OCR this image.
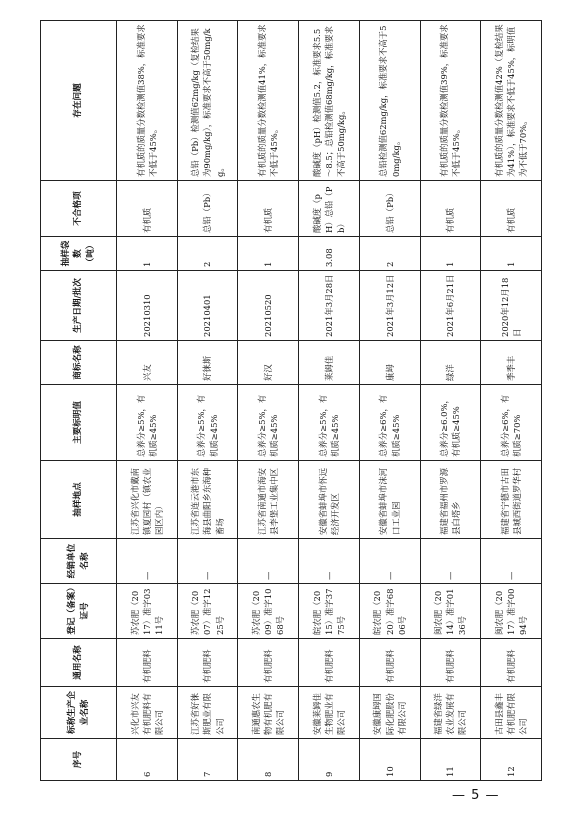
序号	标称生产企业名称	通用名称	登记（备案）证号	经销单位名称	抽样地点	主要标明值	商标名称	生产日期/批次	抽样袋数（吨）	不合格项	存在问题
6	兴化市兴友有机肥料有限公司	有机肥料	苏农肥（2017）准字0311号	—	江苏省兴化市戴南镇夏园村（镇农业园区内）	总养分≥5%，有机质≥45%	兴友	20210310	1	有机质	有机质的质量分数检测值38%，标准要求不低于45%。
7	江苏省好徕斯肥业有限公司	有机肥料	苏农肥（2007）准字1225号	—	江苏省连云港市东海县曲阳乡东海种畜场	总养分≥5%，有机质≥45%	好徕斯	20210401	2	总铅（Pb）	总铅（Pb）检测值62mg/kg（复检结果为90mg/kg），标准要求不高于50mg/kg。
8	南通惠农生物有机肥有限公司	有机肥料	苏农肥（2009）准字1068号	—	江苏省南通市海安县李堡工业集中区	总养分≥5%，有机质≥45%	好汉	20210520	1	有机质	有机质的质量分数检测值41%，标准要求不低于45%。
9	安徽莱姆佳生物肥业有限公司	有机肥料	皖农肥（2015）准字3775号	—	安徽省蚌埠市怀远经济开发区	总养分≥5%，有机质≥45%	莱姆佳	2021年3月28日	3.08	酸碱度（pH）总铅（Pb）	酸碱度（pH）检测值5.2，标准要求5.5～8.5；总铅检测值68mg/kg，标准要求不高于50mg/kg。
10	安徽康坶国际化肥股份有限公司	有机肥料	皖农肥（2020）准字6806号	—	安徽省蚌埠市沫河口工业园	总养分≥6%，有机质≥45%	康坶	2021年3月12日	2	总铅（Pb）	总铅检测值62mg/kg，标准要求不高于50mg/kg。
11	福建省绿洋农业发展有限公司	有机肥料	闽农肥（2014）准字0136号	—	福建省福州市罗源县白塔乡	总养分≥6.0%，有机质≥45%	绿洋	2021年6月21日	1	有机质	有机质的质量分数检测值39%，标准要求不低于45%。
12	古田县鑫丰有机肥有限公司	有机肥料	闽农肥（2017）准字0094号	—	福建省宁德市古田县城西街道罗华村	总养分≥6%，有机质≥70%	季季丰	2020年12月18日	1	有机质	有机质的质量分数检测值42%（复检结果为41%），标准要求不低于45%，标明值为不低于70%。
— 5 —
